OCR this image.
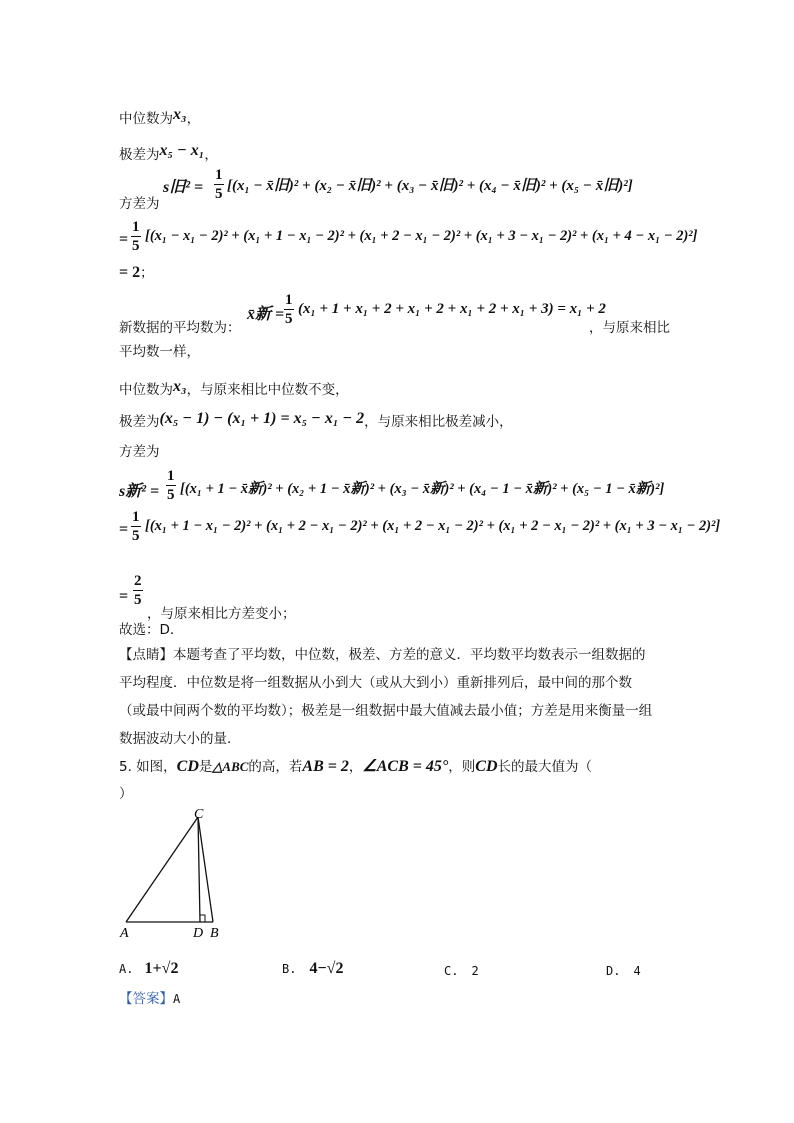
中位数为x₃，
极差为x₅ − x₁，
方差为
s旧$^2 = \frac{1}{5} [(x_1$ − x̄旧)² + (x₂ − x̄旧)² + (x₃ − x̄旧)² + (x₄ − x̄旧)² + (x₅ − x̄旧)²]
= $\frac{1}{5} [(x_1 - x_1 - 2)^2 + (x_1 + 1 - x_1 - 2)^2 + (x_1 + 2 - x_1 - 2)^2 + (x_1 + 3 - x_1 - 2)^2 + (x_1 + 4 - x_1 - 2)^2]$
= 2；
新数据的平均数为：
x̄新 = $\frac{1}{5} (x_1 + 1 + x_1 + 2 + x_1 + 2 + x_1 + 2 + x_1 + 3) = x_1 + 2$
，与原来相比
平均数一样，
中位数为x₃，与原来相比中位数不变，
极差为(x₅ − 1) − (x₁ + 1) = x₅ − x₁ − 2，与原来相比极差减小，
方差为
s新$^2 = \frac{1}{5} [(x_1 + 1$ − x̄新)² + (x₂ + 1 − x̄新)² + (x₃ − x̄新)² + (x₄ − 1 − x̄新)² + (x₅ − 1 − x̄新)²]
= $\frac{1}{5} [(x_1 + 1 - x_1 - 2)^2 + (x_1 + 2 - x_1 - 2)^2 + (x_1 + 2 - x_1 - 2)^2 + (x_1 + 2 - x_1 - 2)^2 + (x_1 + 3 - x_1 - 2)^2]$
= $\frac{2}{5}$
，与原来相比方差变小；
故选：D．
【点睛】本题考查了平均数，中位数，极差、方差的意义．平均数平均数表示一组数据的
平均程度．中位数是将一组数据从小到大（或从大到小）重新排列后，最中间的那个数
（或最中间两个数的平均数）；极差是一组数据中最大值减去最小值；方差是用来衡量一组
数据波动大小的量．
5. 如图，CD是△ABC的高，若AB = 2，∠ACB = 45°，则CD长的最大值为（
）
C
A	D B
A. 1+√2	B. 4−√2	C. 2	D. 4
【答案】A
